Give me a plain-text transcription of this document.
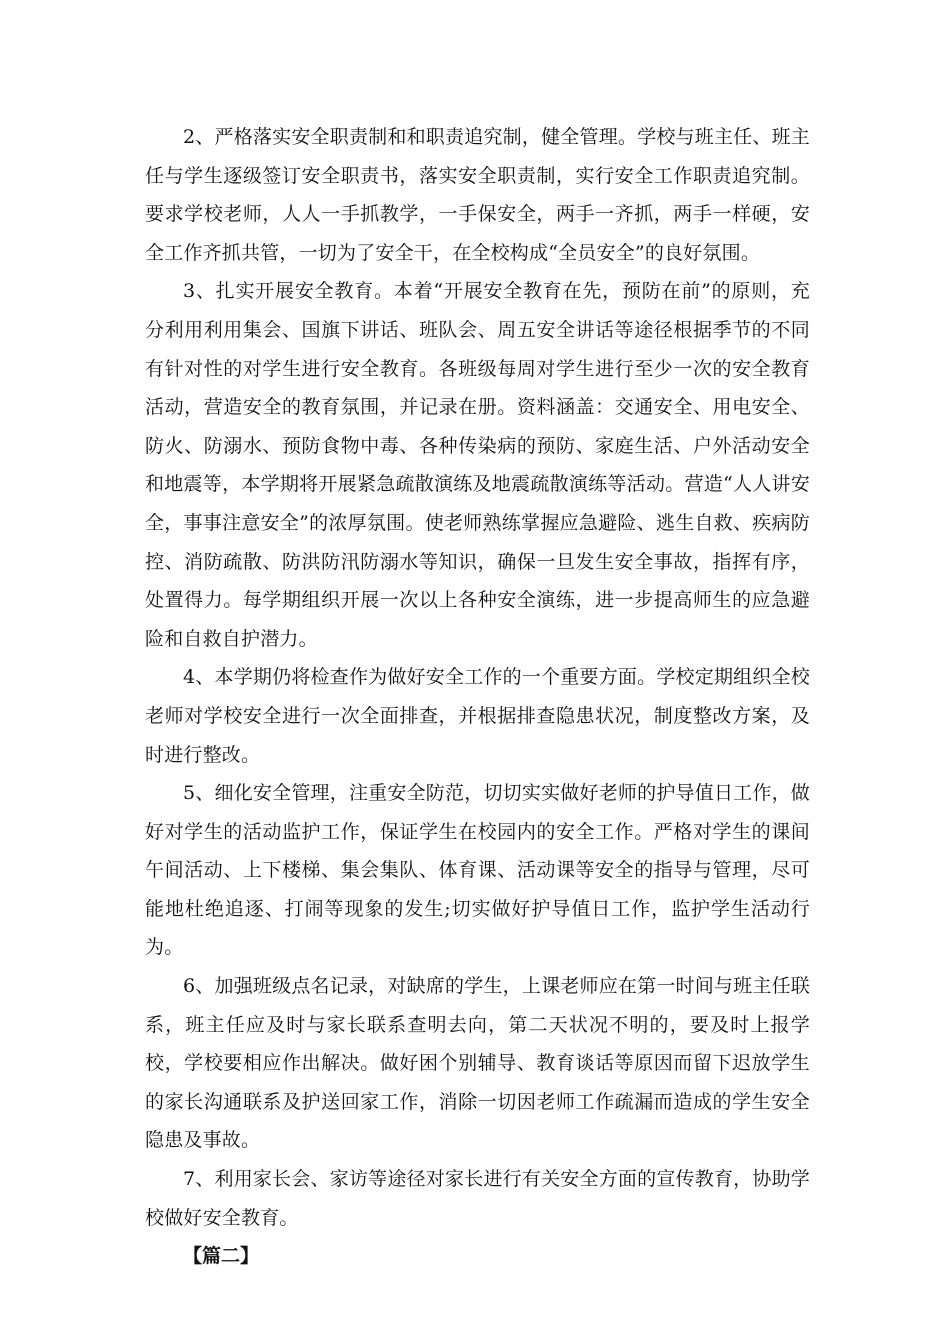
2、严格落实安全职责制和和职责追究制，健全管理。学校与班主任、班主任与学生逐级签订安全职责书，落实安全职责制，实行安全工作职责追究制。要求学校老师，人人一手抓教学，一手保安全，两手一齐抓，两手一样硬，安全工作齐抓共管，一切为了安全干，在全校构成“全员安全”的良好氛围。

3、扎实开展安全教育。本着“开展安全教育在先，预防在前”的原则，充分利用利用集会、国旗下讲话、班队会、周五安全讲话等途径根据季节的不同有针对性的对学生进行安全教育。各班级每周对学生进行至少一次的安全教育活动，营造安全的教育氛围，并记录在册。资料涵盖：交通安全、用电安全、防火、防溺水、预防食物中毒、各种传染病的预防、家庭生活、户外活动安全和地震等，本学期将开展紧急疏散演练及地震疏散演练等活动。营造“人人讲安全，事事注意安全”的浓厚氛围。使老师熟练掌握应急避险、逃生自救、疾病防控、消防疏散、防洪防汛防溺水等知识，确保一旦发生安全事故，指挥有序，处置得力。每学期组织开展一次以上各种安全演练，进一步提高师生的应急避险和自救自护潜力。

4、本学期仍将检查作为做好安全工作的一个重要方面。学校定期组织全校老师对学校安全进行一次全面排查，并根据排查隐患状况，制度整改方案，及时进行整改。

5、细化安全管理，注重安全防范，切切实实做好老师的护导值日工作，做好对学生的活动监护工作，保证学生在校园内的安全工作。严格对学生的课间午间活动、上下楼梯、集会集队、体育课、活动课等安全的指导与管理，尽可能地杜绝追逐、打闹等现象的发生;切实做好护导值日工作，监护学生活动行为。

6、加强班级点名记录，对缺席的学生，上课老师应在第一时间与班主任联系，班主任应及时与家长联系查明去向，第二天状况不明的，要及时上报学校，学校要相应作出解决。做好困个别辅导、教育谈话等原因而留下迟放学生的家长沟通联系及护送回家工作，消除一切因老师工作疏漏而造成的学生安全隐患及事故。

7、利用家长会、家访等途径对家长进行有关安全方面的宣传教育，协助学校做好安全教育。

【篇二】
